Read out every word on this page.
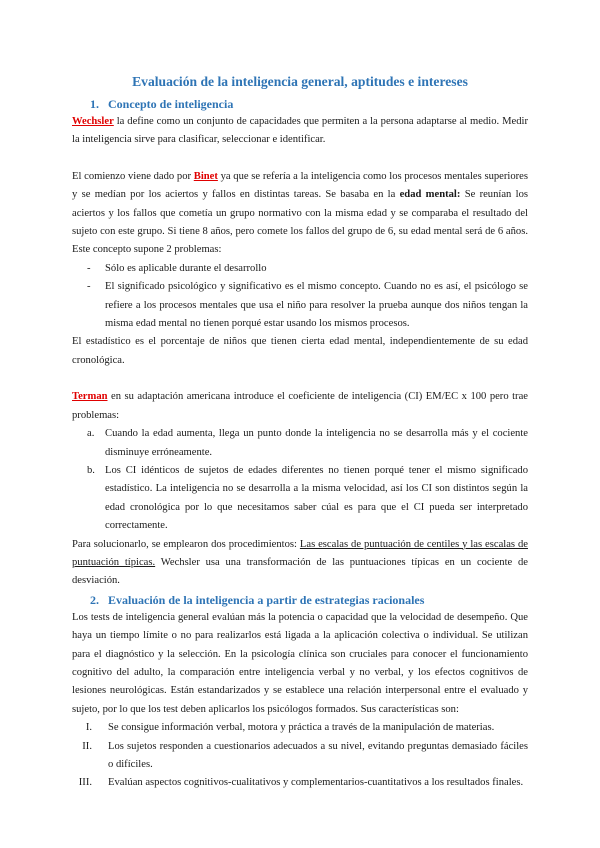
Evaluación de la inteligencia general, aptitudes e intereses
1. Concepto de inteligencia

Wechsler la define como un conjunto de capacidades que permiten a la persona adaptarse al medio. Medir la inteligencia sirve para clasificar, seleccionar e identificar.

El comienzo viene dado por Binet ya que se refería a la inteligencia como los procesos mentales superiores y se medían por los aciertos y fallos en distintas tareas. Se basaba en la edad mental: Se reunían los aciertos y los fallos que cometía un grupo normativo con la misma edad y se comparaba el resultado del sujeto con este grupo. Si tiene 8 años, pero comete los fallos del grupo de 6, su edad mental será de 6 años. Este concepto supone 2 problemas:

- Sólo es aplicable durante el desarrollo
- El significado psicológico y significativo es el mismo concepto. Cuando no es así, el psicólogo se refiere a los procesos mentales que usa el niño para resolver la prueba aunque dos niños tengan la misma edad mental no tienen porqué estar usando los mismos procesos.

El estadístico es el porcentaje de niños que tienen cierta edad mental, independientemente de su edad cronológica.

Terman en su adaptación americana introduce el coeficiente de inteligencia (CI) EM/EC x 100 pero trae problemas:

a. Cuando la edad aumenta, llega un punto donde la inteligencia no se desarrolla más y el cociente disminuye erróneamente.
b. Los CI idénticos de sujetos de edades diferentes no tienen porqué tener el mismo significado estadístico. La inteligencia no se desarrolla a la misma velocidad, así los CI son distintos según la edad cronológica por lo que necesitamos saber cúal es para que el CI pueda ser interpretado correctamente.

Para solucionarlo, se emplearon dos procedimientos: Las escalas de puntuación de centiles y las escalas de puntuación típicas. Wechsler usa una transformación de las puntuaciones típicas en un cociente de desviación.

2. Evaluación de la inteligencia a partir de estrategias racionales

Los tests de inteligencia general evalúan más la potencia o capacidad que la velocidad de desempeño. Que haya un tiempo límite o no para realizarlos está ligada a la aplicación colectiva o individual. Se utilizan para el diagnóstico y la selección. En la psicología clínica son cruciales para conocer el funcionamiento cognitivo del adulto, la comparación entre inteligencia verbal y no verbal, y los efectos cognitivos de lesiones neurológicas. Están estandarizados y se establece una relación interpersonal entre el evaluado y sujeto, por lo que los test deben aplicarlos los psicólogos formados. Sus características son:

I. Se consigue información verbal, motora y práctica a través de la manipulación de materias.
II. Los sujetos responden a cuestionarios adecuados a su nivel, evitando preguntas demasiado fáciles o difíciles.
III. Evalúan aspectos cognitivos-cualitativos y complementarios-cuantitativos a los resultados finales.
